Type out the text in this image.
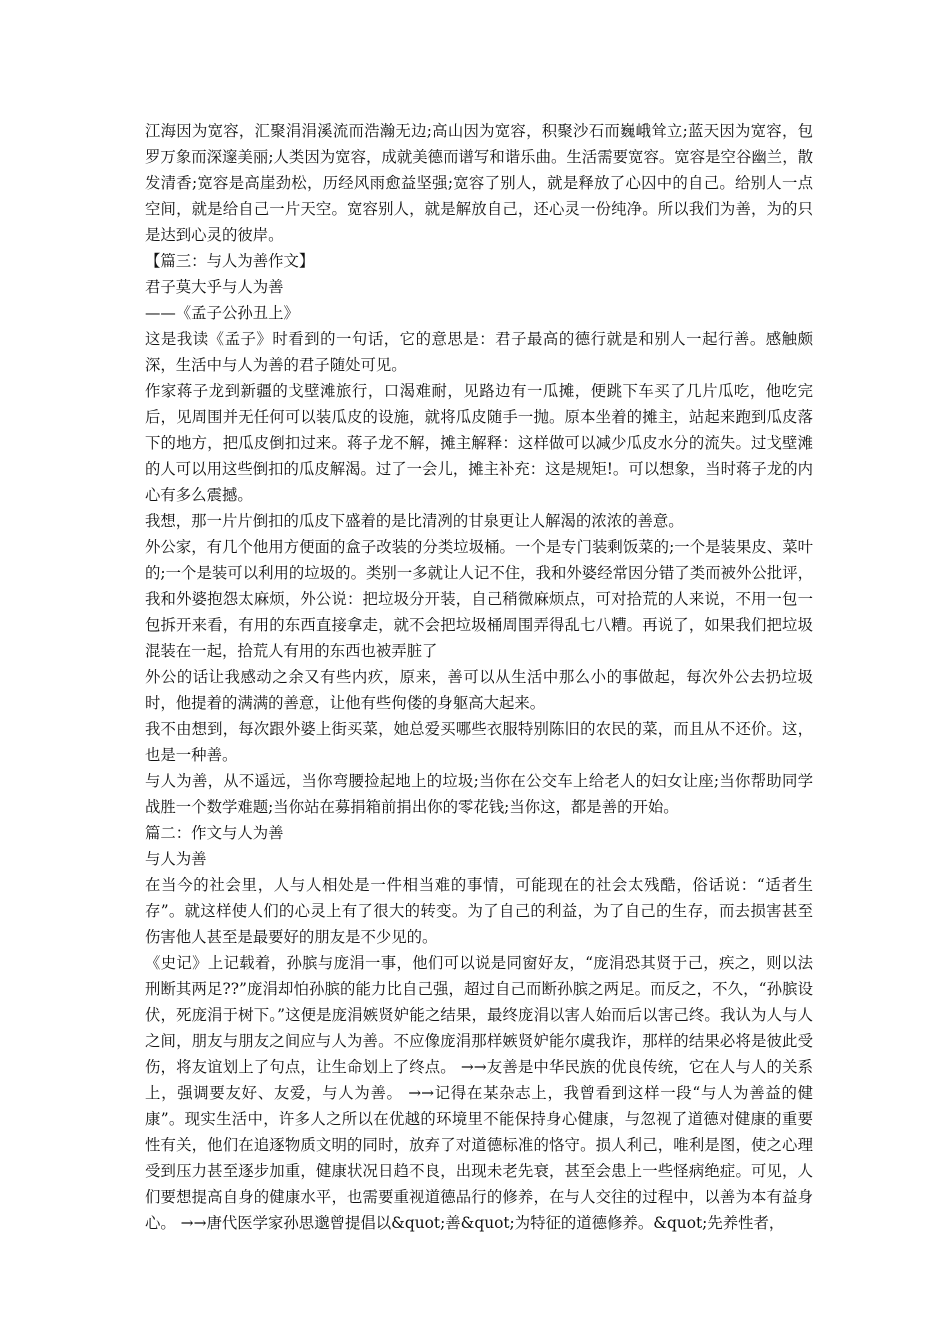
江海因为宽容，汇聚涓涓溪流而浩瀚无边;高山因为宽容，积聚沙石而巍峨耸立;蓝天因为宽容，包罗万象而深邃美丽;人类因为宽容，成就美德而谱写和谐乐曲。生活需要宽容。宽容是空谷幽兰，散发清香;宽容是高崖劲松，历经风雨愈益坚强;宽容了别人，就是释放了心囚中的自己。给别人一点空间，就是给自己一片天空。宽容别人，就是解放自己，还心灵一份纯净。所以我们为善，为的只是达到心灵的彼岸。

【篇三：与人为善作文】

君子莫大乎与人为善

——《孟子公孙丑上》

这是我读《孟子》时看到的一句话，它的意思是：君子最高的德行就是和别人一起行善。感触颇深，生活中与人为善的君子随处可见。

作家蒋子龙到新疆的戈壁滩旅行，口渴难耐，见路边有一瓜摊，便跳下车买了几片瓜吃，他吃完后，见周围并无任何可以装瓜皮的设施，就将瓜皮随手一抛。原本坐着的摊主，站起来跑到瓜皮落下的地方，把瓜皮倒扣过来。蒋子龙不解，摊主解释：这样做可以减少瓜皮水分的流失。过戈壁滩的人可以用这些倒扣的瓜皮解渴。过了一会儿，摊主补充：这是规矩!。可以想象，当时蒋子龙的内心有多么震撼。

我想，那一片片倒扣的瓜皮下盛着的是比清冽的甘泉更让人解渴的浓浓的善意。

外公家，有几个他用方便面的盒子改装的分类垃圾桶。一个是专门装剩饭菜的;一个是装果皮、菜叶的;一个是装可以利用的垃圾的。类别一多就让人记不住，我和外婆经常因分错了类而被外公批评，我和外婆抱怨太麻烦，外公说：把垃圾分开装，自己稍微麻烦点，可对拾荒的人来说，不用一包一包拆开来看，有用的东西直接拿走，就不会把垃圾桶周围弄得乱七八糟。再说了，如果我们把垃圾混装在一起，拾荒人有用的东西也被弄脏了

外公的话让我感动之余又有些内疚，原来，善可以从生活中那么小的事做起，每次外公去扔垃圾时，他提着的满满的善意，让他有些佝偻的身躯高大起来。

我不由想到，每次跟外婆上街买菜，她总爱买哪些衣服特别陈旧的农民的菜，而且从不还价。这，也是一种善。

与人为善，从不遥远，当你弯腰捡起地上的垃圾;当你在公交车上给老人的妇女让座;当你帮助同学战胜一个数学难题;当你站在募捐箱前捐出你的零花钱;当你这，都是善的开始。

篇二：作文与人为善

与人为善

在当今的社会里，人与人相处是一件相当难的事情，可能现在的社会太残酷，俗话说：“适者生存”。就这样使人们的心灵上有了很大的转变。为了自己的利益，为了自己的生存，而去损害甚至伤害他人甚至是最要好的朋友是不少见的。

《史记》上记载着，孙膑与庞涓一事，他们可以说是同窗好友，“庞涓恐其贤于己，疾之，则以法刑断其两足??”庞涓却怕孙膑的能力比自己强，超过自己而断孙膑之两足。而反之，不久，“孙膑设伏，死庞涓于树下。”这便是庞涓嫉贤妒能之结果，最终庞涓以害人始而后以害己终。我认为人与人之间，朋友与朋友之间应与人为善。不应像庞涓那样嫉贤妒能尔虞我诈，那样的结果必将是彼此受伤，将友谊划上了句点，让生命划上了终点。 →→友善是中华民族的优良传统，它在人与人的关系上，强调要友好、友爱，与人为善。 →→记得在某杂志上，我曾看到这样一段“与人为善益的健康”。现实生活中，许多人之所以在优越的环境里不能保持身心健康，与忽视了道德对健康的重要性有关，他们在追逐物质文明的同时，放弃了对道德标准的恪守。损人利己，唯利是图，使之心理受到压力甚至逐步加重，健康状况日趋不良，出现未老先衰，甚至会患上一些怪病绝症。可见，人们要想提高自身的健康水平，也需要重视道德品行的修养，在与人交往的过程中，以善为本有益身心。 →→唐代医学家孙思邈曾提倡以&quot;善&quot;为特征的道德修养。&quot;先养性者，
